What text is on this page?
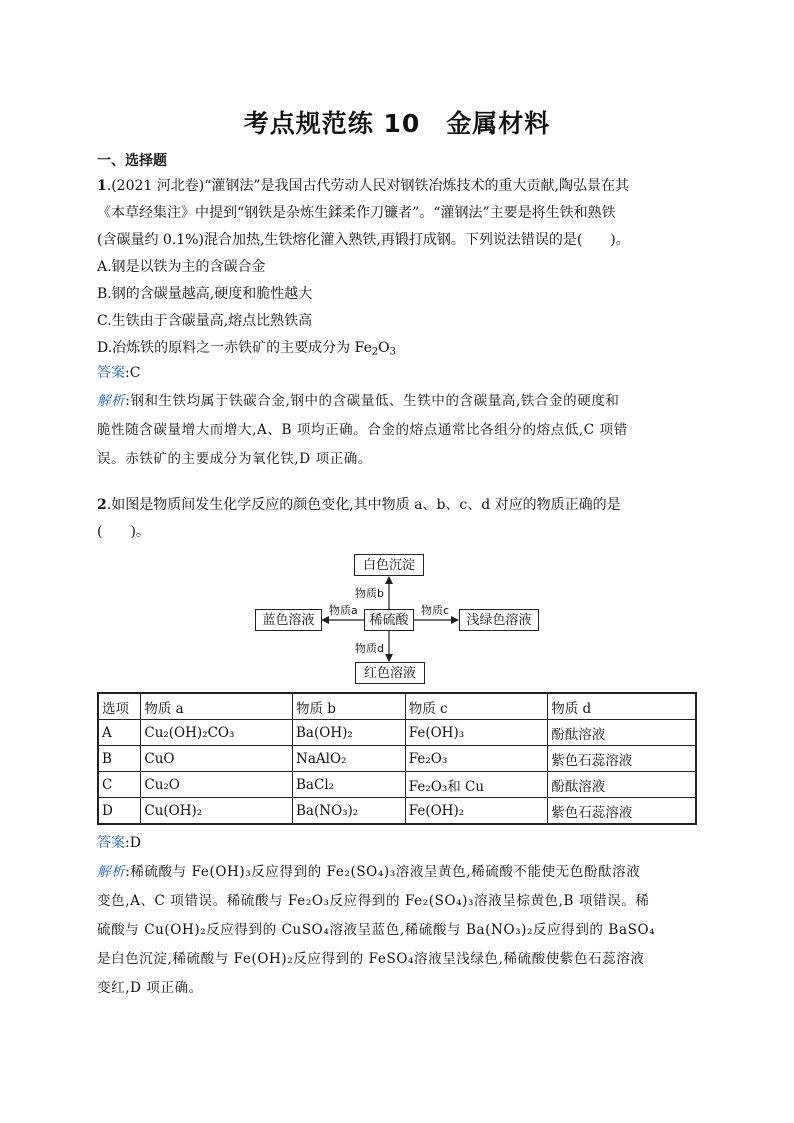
考点规范练 10　金属材料
一、选择题
1.(2021 河北卷)“灌钢法”是我国古代劳动人民对钢铁冶炼技术的重大贡献,陶弘景在其
《本草经集注》中提到“钢铁是杂炼生鍒柔作刀镰者”。“灌钢法”主要是将生铁和熟铁
(含碳量约 0.1%)混合加热,生铁熔化灌入熟铁,再锻打成钢。下列说法错误的是(　　)。
A.钢是以铁为主的含碳合金
B.钢的含碳量越高,硬度和脆性越大
C.生铁由于含碳量高,熔点比熟铁高
D.冶炼铁的原料之一赤铁矿的主要成分为 $Fe_2O_3$
答案:C
解析:钢和生铁均属于铁碳合金,钢中的含碳量低、生铁中的含碳量高,铁合金的硬度和
脆性随含碳量增大而增大,A、B 项均正确。合金的熔点通常比各组分的熔点低,C 项错
误。赤铁矿的主要成分为氧化铁,D 项正确。
2.如图是物质间发生化学反应的颜色变化,其中物质 a、b、c、d 对应的物质正确的是
(　　)。
白色沉淀
稀硫酸
蓝色溶液	浅绿色溶液
红色溶液
物质b
物质a	物质c
物质d
选项	物质 a	物质 b	物质 c	物质 d
A	Cu₂(OH)₂CO₃	Ba(OH)₂	Fe(OH)₃	酚酞溶液
B	CuO	NaAlO₂	Fe₂O₃	紫色石蕊溶液
C	Cu₂O	BaCl₂	Fe₂O₃和 Cu	酚酞溶液
D	Cu(OH)₂	Ba(NO₃)₂	Fe(OH)₂	紫色石蕊溶液
答案:D
解析:稀硫酸与 Fe(OH)₃反应得到的 Fe₂(SO₄)₃溶液呈黄色,稀硫酸不能使无色酚酞溶液
变色,A、C 项错误。稀硫酸与 Fe₂O₃反应得到的 Fe₂(SO₄)₃溶液呈棕黄色,B 项错误。稀
硫酸与 Cu(OH)₂反应得到的 CuSO₄溶液呈蓝色,稀硫酸与 Ba(NO₃)₂反应得到的 BaSO₄
是白色沉淀,稀硫酸与 Fe(OH)₂反应得到的 FeSO₄溶液呈浅绿色,稀硫酸使紫色石蕊溶液
变红,D 项正确。
